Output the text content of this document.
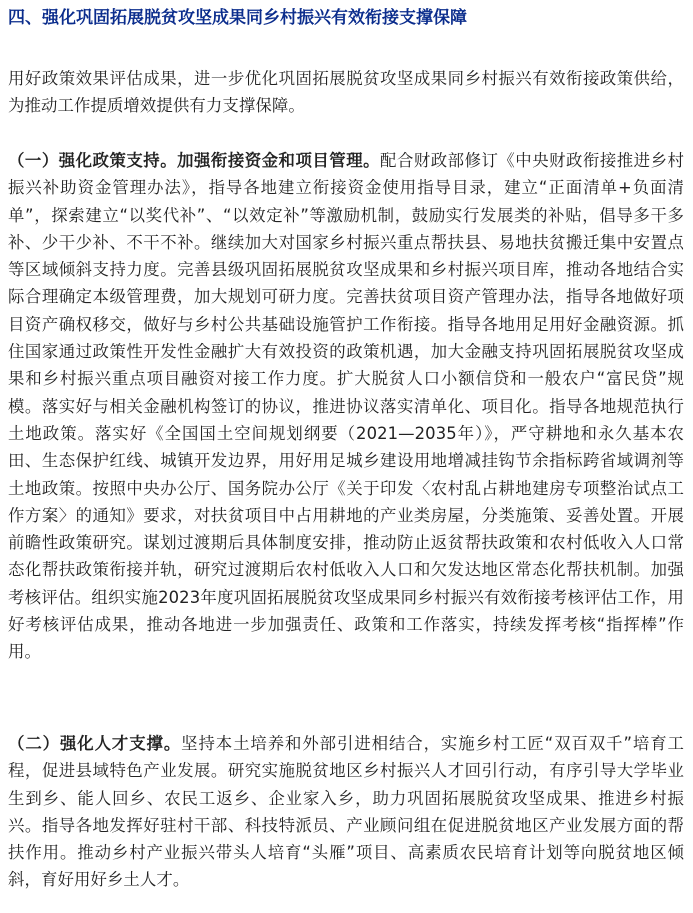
四、强化巩固拓展脱贫攻坚成果同乡村振兴有效衔接支撑保障

用好政策效果评估成果，进一步优化巩固拓展脱贫攻坚成果同乡村振兴有效衔接政策供给，为推动工作提质增效提供有力支撑保障。

（一）强化政策支持。加强衔接资金和项目管理。配合财政部修订《中央财政衔接推进乡村振兴补助资金管理办法》，指导各地建立衔接资金使用指导目录，建立“正面清单+负面清单”，探索建立“以奖代补”、“以效定补”等激励机制，鼓励实行发展类的补贴，倡导多干多补、少干少补、不干不补。继续加大对国家乡村振兴重点帮扶县、易地扶贫搬迁集中安置点等区域倾斜支持力度。完善县级巩固拓展脱贫攻坚成果和乡村振兴项目库，推动各地结合实际合理确定本级管理费，加大规划可研力度。完善扶贫项目资产管理办法，指导各地做好项目资产确权移交，做好与乡村公共基础设施管护工作衔接。指导各地用足用好金融资源。抓住国家通过政策性开发性金融扩大有效投资的政策机遇，加大金融支持巩固拓展脱贫攻坚成果和乡村振兴重点项目融资对接工作力度。扩大脱贫人口小额信贷和一般农户“富民贷”规模。落实好与相关金融机构签订的协议，推进协议落实清单化、项目化。指导各地规范执行土地政策。落实好《全国国土空间规划纲要（2021—2035年）》，严守耕地和永久基本农田、生态保护红线、城镇开发边界，用好用足城乡建设用地增减挂钩节余指标跨省域调剂等土地政策。按照中央办公厅、国务院办公厅《关于印发〈农村乱占耕地建房专项整治试点工作方案〉的通知》要求，对扶贫项目中占用耕地的产业类房屋，分类施策、妥善处置。开展前瞻性政策研究。谋划过渡期后具体制度安排，推动防止返贫帮扶政策和农村低收入人口常态化帮扶政策衔接并轨，研究过渡期后农村低收入人口和欠发达地区常态化帮扶机制。加强考核评估。组织实施2023年度巩固拓展脱贫攻坚成果同乡村振兴有效衔接考核评估工作，用好考核评估成果，推动各地进一步加强责任、政策和工作落实，持续发挥考核“指挥棒”作用。

（二）强化人才支撑。坚持本土培养和外部引进相结合，实施乡村工匠“双百双千”培育工程，促进县域特色产业发展。研究实施脱贫地区乡村振兴人才回引行动，有序引导大学毕业生到乡、能人回乡、农民工返乡、企业家入乡，助力巩固拓展脱贫攻坚成果、推进乡村振兴。指导各地发挥好驻村干部、科技特派员、产业顾问组在促进脱贫地区产业发展方面的帮扶作用。推动乡村产业振兴带头人培育“头雁”项目、高素质农民培育计划等向脱贫地区倾斜，育好用好乡土人才。
